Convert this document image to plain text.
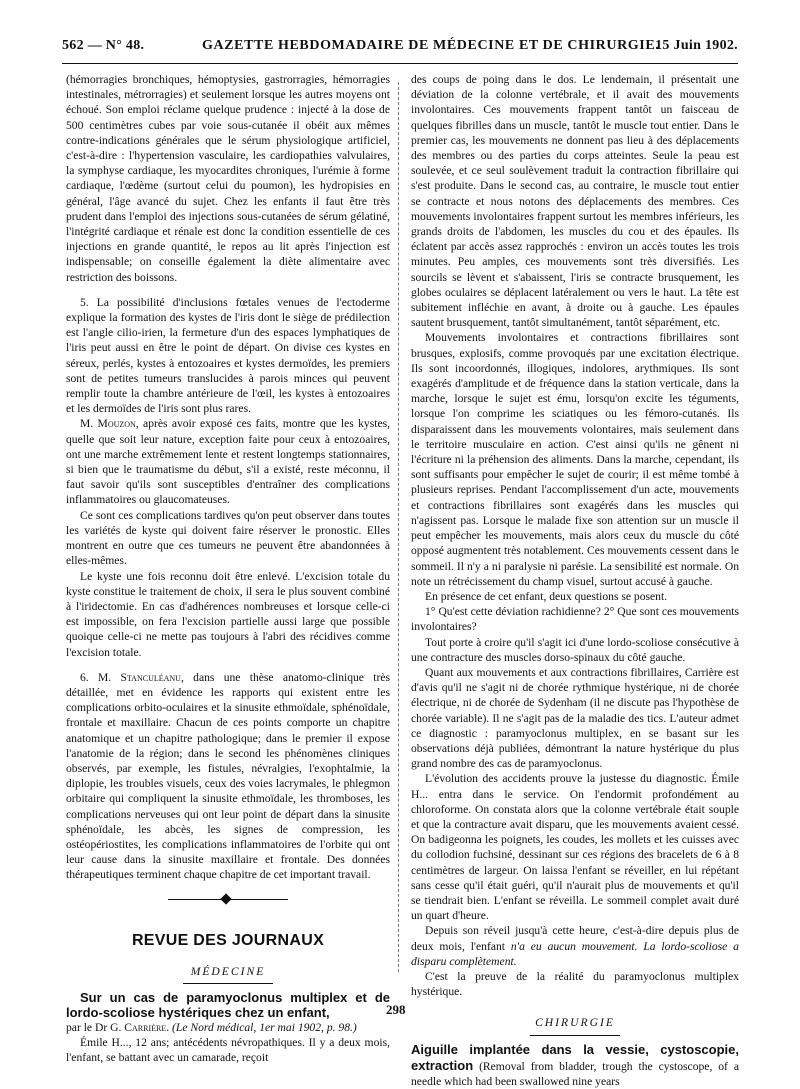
562 — N° 48.	GAZETTE HEBDOMADAIRE DE MÉDECINE ET DE CHIRURGIE.
15 Juin 1902.

(hémorragies bronchiques, hémoptysies, gastrorragies, hémorragies intestinales, métrorragies) et seulement lorsque les autres moyens ont échoué. Son emploi réclame quelque prudence : injecté à la dose de 500 centimètres cubes par voie sous-cutanée il obéit aux mêmes contre-indications générales que le sérum physiologique artificiel, c'est-à-dire : l'hypertension vasculaire, les cardiopathies valvulaires, la symphyse cardiaque, les myocardites chroniques, l'urémie à forme cardiaque, l'œdème (surtout celui du poumon), les hydropisies en général, l'âge avancé du sujet. Chez les enfants il faut être très prudent dans l'emploi des injections sous-cutanées de sérum gélatiné, l'intégrité cardiaque et rénale est donc la condition essentielle de ces injections en grande quantité, le repos au lit après l'injection est indispensable; on conseille également la diète alimentaire avec restriction des boissons.

5. La possibilité d'inclusions fœtales venues de l'ectoderme explique la formation des kystes de l'iris dont le siège de prédilection est l'angle cilio-irien, la fermeture d'un des espaces lymphatiques de l'iris peut aussi en être le point de départ. On divise ces kystes en séreux, perlés, kystes à entozoaires et kystes dermoïdes, les premiers sont de petites tumeurs translucides à parois minces qui peuvent remplir toute la chambre antérieure de l'œil, les kystes à entozoaires et les dermoïdes de l'iris sont plus rares.

M. Mouzon, après avoir exposé ces faits, montre que les kystes, quelle que soit leur nature, exception faite pour ceux à entozoaires, ont une marche extrêmement lente et restent longtemps stationnaires, si bien que le traumatisme du début, s'il a existé, reste méconnu, il faut savoir qu'ils sont susceptibles d'entraîner des complications inflammatoires ou glaucomateuses.

Ce sont ces complications tardives qu'on peut observer dans toutes les variétés de kyste qui doivent faire réserver le pronostic. Elles montrent en outre que ces tumeurs ne peuvent être abandonnées à elles-mêmes.

Le kyste une fois reconnu doit être enlevé. L'excision totale du kyste constitue le traitement de choix, il sera le plus souvent combiné à l'iridectomie. En cas d'adhérences nombreuses et lorsque celle-ci est impossible, on fera l'excision partielle aussi large que possible quoique celle-ci ne mette pas toujours à l'abri des récidives comme l'excision totale.

6. M. Stanculéanu, dans une thèse anatomo-clinique très détaillée, met en évidence les rapports qui existent entre les complications orbito-oculaires et la sinusite ethmoïdale, sphénoïdale, frontale et maxillaire. Chacun de ces points comporte un chapitre anatomique et un chapitre pathologique; dans le premier il expose l'anatomie de la région; dans le second les phénomènes cliniques observés, par exemple, les fistules, névralgies, l'exophtalmie, la diplopie, les troubles visuels, ceux des voies lacrymales, le phlegmon orbitaire qui compliquent la sinusite ethmoïdale, les thromboses, les complications nerveuses qui ont leur point de départ dans la sinusite sphénoïdale, les abcès, les signes de compression, les ostéopériostites, les complications inflammatoires de l'orbite qui ont leur cause dans la sinusite maxillaire et frontale. Des données thérapeutiques terminent chaque chapitre de cet important travail.

REVUE DES JOURNAUX
MÉDECINE
Sur un cas de paramyoclonus multiplex et de lordo-scoliose hystériques chez un enfant,

par le Dr G. Carrière. (Le Nord médical, 1er mai 1902, p. 98.)

Émile H..., 12 ans; antécédents névropathiques. Il y a deux mois, l'enfant, se battant avec un camarade, reçoit

des coups de poing dans le dos. Le lendemain, il présentait une déviation de la colonne vertébrale, et il avait des mouvements involontaires. Ces mouvements frappent tantôt un faisceau de quelques fibrilles dans un muscle, tantôt le muscle tout entier. Dans le premier cas, les mouvements ne donnent pas lieu à des déplacements des membres ou des parties du corps atteintes. Seule la peau est soulevée, et ce seul soulèvement traduit la contraction fibrillaire qui s'est produite. Dans le second cas, au contraire, le muscle tout entier se contracte et nous notons des déplacements des membres. Ces mouvements involontaires frappent surtout les membres inférieurs, les grands droits de l'abdomen, les muscles du cou et des épaules. Ils éclatent par accès assez rapprochés : environ un accès toutes les trois minutes. Peu amples, ces mouvements sont très diversifiés. Les sourcils se lèvent et s'abaissent, l'iris se contracte brusquement, les globes oculaires se déplacent latéralement ou vers le haut. La tête est subitement infléchie en avant, à droite ou à gauche. Les épaules sautent brusquement, tantôt simultanément, tantôt séparément, etc.

Mouvements involontaires et contractions fibrillaires sont brusques, explosifs, comme provoqués par une excitation électrique. Ils sont incoordonnés, illogiques, indolores, arythmiques. Ils sont exagérés d'amplitude et de fréquence dans la station verticale, dans la marche, lorsque le sujet est ému, lorsqu'on excite les téguments, lorsque l'on comprime les sciatiques ou les fémoro-cutanés. Ils disparaissent dans les mouvements volontaires, mais seulement dans le territoire musculaire en action. C'est ainsi qu'ils ne gênent ni l'écriture ni la préhension des aliments. Dans la marche, cependant, ils sont suffisants pour empêcher le sujet de courir; il est même tombé à plusieurs reprises. Pendant l'accomplissement d'un acte, mouvements et contractions fibrillaires sont exagérés dans les muscles qui n'agissent pas. Lorsque le malade fixe son attention sur un muscle il peut empêcher les mouvements, mais alors ceux du muscle du côté opposé augmentent très notablement. Ces mouvements cessent dans le sommeil. Il n'y a ni paralysie ni parésie. La sensibilité est normale. On note un rétrécissement du champ visuel, surtout accusé à gauche.

En présence de cet enfant, deux questions se posent.

1° Qu'est cette déviation rachidienne? 2° Que sont ces mouvements involontaires?

Tout porte à croire qu'il s'agit ici d'une lordo-scoliose consécutive à une contracture des muscles dorso-spinaux du côté gauche.

Quant aux mouvements et aux contractions fibrillaires, Carrière est d'avis qu'il ne s'agit ni de chorée rythmique hystérique, ni de chorée électrique, ni de chorée de Sydenham (il ne discute pas l'hypothèse de chorée variable). Il ne s'agit pas de la maladie des tics. L'auteur admet ce diagnostic : paramyoclonus multiplex, en se basant sur les observations déjà publiées, démontrant la nature hystérique du plus grand nombre des cas de paramyoclonus.

L'évolution des accidents prouve la justesse du diagnostic. Émile H... entra dans le service. On l'endormit profondément au chloroforme. On constata alors que la colonne vertébrale était souple et que la contracture avait disparu, que les mouvements avaient cessé. On badigeonna les poignets, les coudes, les mollets et les cuisses avec du collodion fuchsiné, dessinant sur ces régions des bracelets de 6 à 8 centimètres de largeur. On laissa l'enfant se réveiller, en lui répétant sans cesse qu'il était guéri, qu'il n'aurait plus de mouvements et qu'il se tiendrait bien. L'enfant se réveilla. Le sommeil complet avait duré un quart d'heure.

Depuis son réveil jusqu'à cette heure, c'est-à-dire depuis plus de deux mois, l'enfant n'a eu aucun mouvement. La lordo-scoliose a disparu complètement.

C'est la preuve de la réalité du paramyoclonus multiplex hystérique.

CHIRURGIE

Aiguille implantée dans la vessie, cystoscopie, extraction (Removal from bladder, trough the cystoscope, of a needle which had been swallowed nine years

298
